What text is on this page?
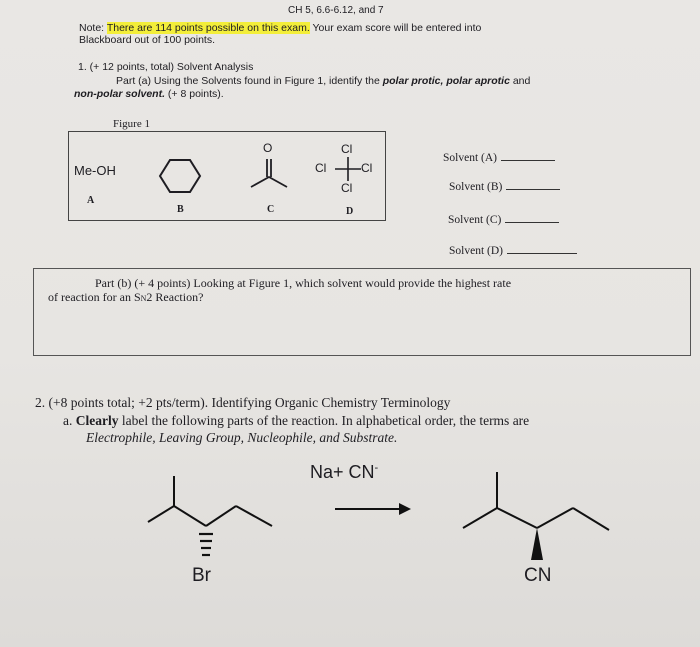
CH 5, 6.6-6.12, and 7
Note: There are 114 points possible on this exam. Your exam score will be entered into
Blackboard out of 100 points.
1. (+ 12 points, total) Solvent Analysis
Part (a) Using the Solvents found in Figure 1, identify the polar protic, polar aprotic and
non-polar solvent. (+ 8 points).
Figure 1
Me-OH
O	Cl
Cl	Cl
Cl
A
B	C	D
Solvent (A)
Solvent (B)
Solvent (C)
Solvent (D)
Part (b) (+ 4 points) Looking at Figure 1, which solvent would provide the highest rate
of reaction for an SN2 Reaction?
2. (+8 points total; +2 pts/term). Identifying Organic Chemistry Terminology
a. Clearly label the following parts of the reaction. In alphabetical order, the terms are
Electrophile, Leaving Group, Nucleophile, and Substrate.
Br
Na+ CN-
CN
